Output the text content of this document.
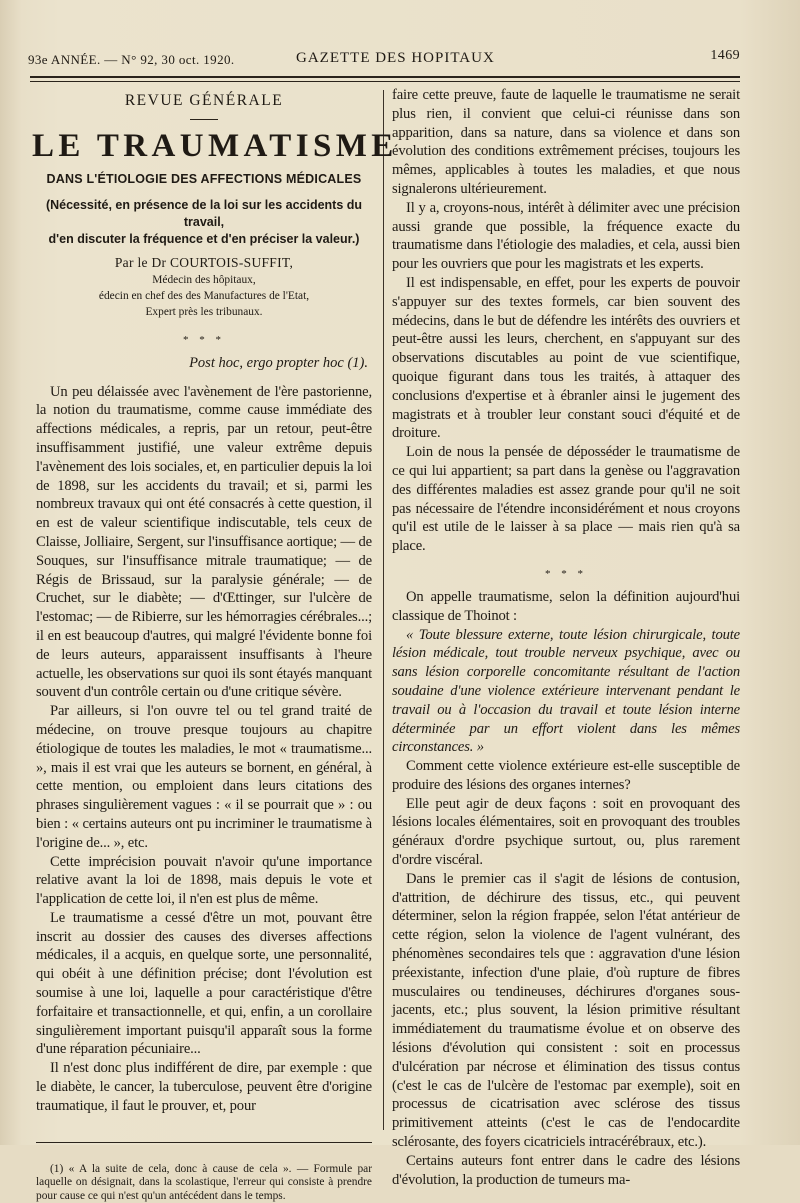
93e ANNÉE. — N° 92, 30 oct. 1920.	GAZETTE DES HOPITAUX	1469
REVUE GÉNÉRALE
LE TRAUMATISME
DANS L'ÉTIOLOGIE DES AFFECTIONS MÉDICALES
(Nécessité, en présence de la loi sur les accidents du travail,
d'en discuter la fréquence et d'en préciser la valeur.)
Par le Dr COURTOIS-SUFFIT,
Médecin des hôpitaux,
édecin en chef des des Manufactures de l'Etat,
Expert près les tribunaux.
* * *
Post hoc, ergo propter hoc (1).

Un peu délaissée avec l'avènement de l'ère pastorienne, la notion du traumatisme, comme cause immédiate des affections médicales, a repris, par un retour, peut-être insuffisamment justifié, une valeur extrême depuis l'avènement des lois sociales, et, en particulier depuis la loi de 1898, sur les accidents du travail; et si, parmi les nombreux travaux qui ont été consacrés à cette question, il en est de valeur scientifique indiscutable, tels ceux de Claisse, Jolliaire, Sergent, sur l'insuffisance aortique; — de Souques, sur l'insuffisance mitrale traumatique; — de Régis de Brissaud, sur la paralysie générale; — de Cruchet, sur le diabète; — d'Œttinger, sur l'ulcère de l'estomac; — de Ribierre, sur les hémorragies cérébrales...; il en est beaucoup d'autres, qui malgré l'évidente bonne foi de leurs auteurs, apparaissent insuffisants à l'heure actuelle, les observations sur quoi ils sont étayés manquant souvent d'un contrôle certain ou d'une critique sévère.

Par ailleurs, si l'on ouvre tel ou tel grand traité de médecine, on trouve presque toujours au chapitre étiologique de toutes les maladies, le mot « traumatisme... », mais il est vrai que les auteurs se bornent, en général, à cette mention, ou emploient dans leurs citations des phrases singulièrement vagues : « il se pourrait que » : ou bien : « certains auteurs ont pu incriminer le traumatisme à l'origine de... », etc.

Cette imprécision pouvait n'avoir qu'une importance relative avant la loi de 1898, mais depuis le vote et l'application de cette loi, il n'en est plus de même.

Le traumatisme a cessé d'être un mot, pouvant être inscrit au dossier des causes des diverses affections médicales, il a acquis, en quelque sorte, une personnalité, qui obéit à une définition précise; dont l'évolution est soumise à une loi, laquelle a pour caractéristique d'être forfaitaire et transactionnelle, et qui, enfin, a un corollaire singulièrement important puisqu'il apparaît sous la forme d'une réparation pécuniaire...

Il n'est donc plus indifférent de dire, par exemple : que le diabète, le cancer, la tuberculose, peuvent être d'origine traumatique, il faut le prouver, et, pour

(1) « A la suite de cela, donc à cause de cela ». — Formule par laquelle on désignait, dans la scolastique, l'erreur qui consiste à prendre pour cause ce qui n'est qu'un antécédent dans le temps.

faire cette preuve, faute de laquelle le traumatisme ne serait plus rien, il convient que celui-ci réunisse dans son apparition, dans sa nature, dans sa violence et dans son évolution des conditions extrêmement précises, toujours les mêmes, applicables à toutes les maladies, et que nous signalerons ultérieurement.

Il y a, croyons-nous, intérêt à délimiter avec une précision aussi grande que possible, la fréquence exacte du traumatisme dans l'étiologie des maladies, et cela, aussi bien pour les ouvriers que pour les magistrats et les experts.

Il est indispensable, en effet, pour les experts de pouvoir s'appuyer sur des textes formels, car bien souvent des médecins, dans le but de défendre les intérêts des ouvriers et peut-être aussi les leurs, cherchent, en s'appuyant sur des observations discutables au point de vue scientifique, quoique figurant dans tous les traités, à attaquer des conclusions d'expertise et à ébranler ainsi le jugement des magistrats et à troubler leur constant souci d'équité et de droiture.

Loin de nous la pensée de déposséder le traumatisme de ce qui lui appartient; sa part dans la genèse ou l'aggravation des différentes maladies est assez grande pour qu'il ne soit pas nécessaire de l'étendre inconsidérément et nous croyons qu'il est utile de le laisser à sa place — mais rien qu'à sa place.

* * *

On appelle traumatisme, selon la définition aujourd'hui classique de Thoinot :

« Toute blessure externe, toute lésion chirurgicale, toute lésion médicale, tout trouble nerveux psychique, avec ou sans lésion corporelle concomitante résultant de l'action soudaine d'une violence extérieure intervenant pendant le travail ou à l'occasion du travail et toute lésion interne déterminée par un effort violent dans les mêmes circonstances. »

Comment cette violence extérieure est-elle susceptible de produire des lésions des organes internes?

Elle peut agir de deux façons : soit en provoquant des lésions locales élémentaires, soit en provoquant des troubles généraux d'ordre psychique surtout, ou, plus rarement d'ordre viscéral.

Dans le premier cas il s'agit de lésions de contusion, d'attrition, de déchirure des tissus, etc., qui peuvent déterminer, selon la région frappée, selon l'état antérieur de cette région, selon la violence de l'agent vulnérant, des phénomènes secondaires tels que : aggravation d'une lésion préexistante, infection d'une plaie, d'où rupture de fibres musculaires ou tendineuses, déchirures d'organes sous-jacents, etc.; plus souvent, la lésion primitive résultant immédiatement du traumatisme évolue et on observe des lésions d'évolution qui consistent : soit en processus d'ulcération par nécrose et élimination des tissus contus (c'est le cas de l'ulcère de l'estomac par exemple), soit en processus de cicatrisation avec sclérose des tissus primitivement atteints (c'est le cas de l'endocardite sclérosante, des foyers cicatriciels intracérébraux, etc.).

Certains auteurs font entrer dans le cadre des lésions d'évolution, la production de tumeurs ma-
